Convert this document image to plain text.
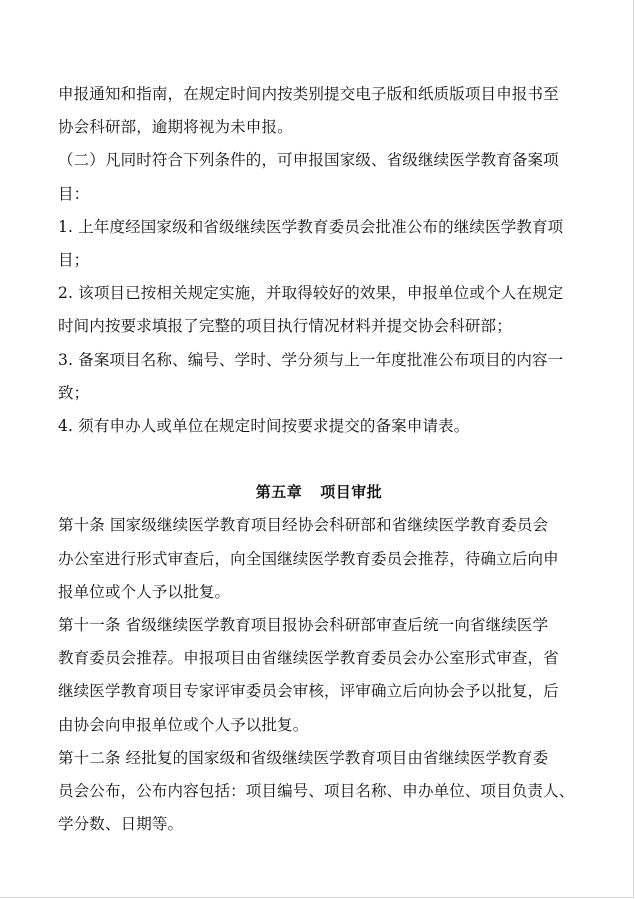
申报通知和指南，在规定时间内按类别提交电子版和纸质版项目申报书至
协会科研部，逾期将视为未申报。
（二）凡同时符合下列条件的，可申报国家级、省级继续医学教育备案项
目：
1. 上年度经国家级和省级继续医学教育委员会批准公布的继续医学教育项
目；
2. 该项目已按相关规定实施，并取得较好的效果，申报单位或个人在规定
时间内按要求填报了完整的项目执行情况材料并提交协会科研部；
3. 备案项目名称、编号、学时、学分须与上一年度批准公布项目的内容一
致；
4. 须有申办人或单位在规定时间按要求提交的备案申请表。
第五章 项目审批
第十条 国家级继续医学教育项目经协会科研部和省继续医学教育委员会
办公室进行形式审查后，向全国继续医学教育委员会推荐，待确立后向申
报单位或个人予以批复。
第十一条 省级继续医学教育项目报协会科研部审查后统一向省继续医学
教育委员会推荐。申报项目由省继续医学教育委员会办公室形式审查，省
继续医学教育项目专家评审委员会审核，评审确立后向协会予以批复，后
由协会向申报单位或个人予以批复。
第十二条 经批复的国家级和省级继续医学教育项目由省继续医学教育委
员会公布，公布内容包括：项目编号、项目名称、申办单位、项目负责人、
学分数、日期等。
